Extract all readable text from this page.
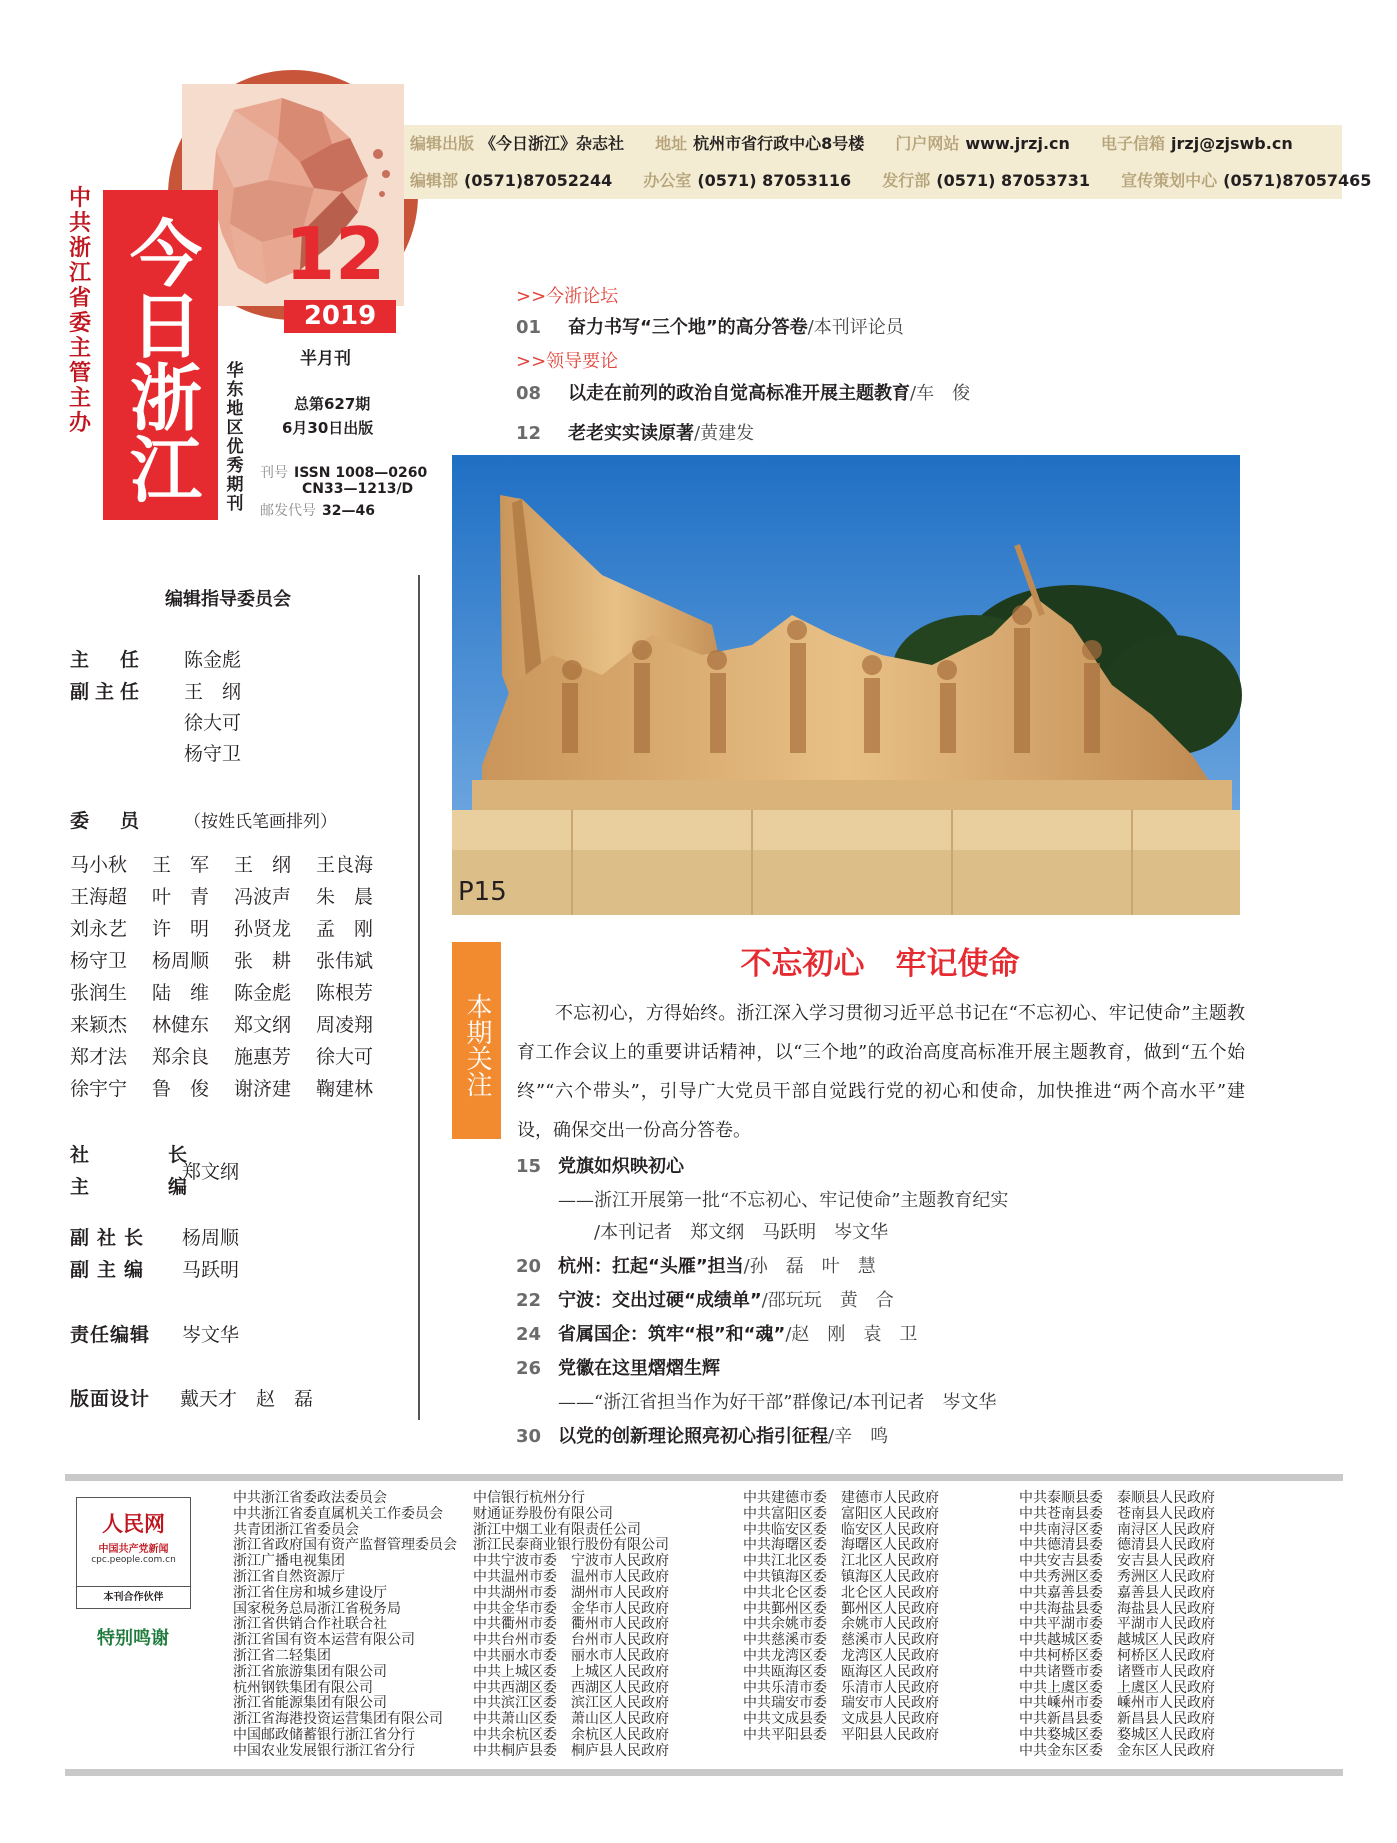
中共浙江省委主管主办 今日浙江 12
2019
半月刊
华东地区优秀期刊
总第627期
6月30日出版
刊号 ISSN 1008—0260
CN33—1213/D
邮发代号 32—46
编辑出版 《今日浙江》杂志社 地址 杭州市省行政中心8号楼 门户网站 www.jrzj.cn 电子信箱 jrzj@zjswb.cn
编辑部 (0571)87052244 办公室 (0571) 87053116 发行部 (0571) 87053731 宣传策划中心 (0571)87057465
>>今浙论坛
01 奋力书写“三个地”的高分答卷/本刊评论员
>>领导要论
08 以走在前列的政治自觉高标准开展主题教育/车　俊
12 老老实实读原著/黄建发
P15
本期关注
不忘初心　牢记使命
不忘初心，方得始终。浙江深入学习贯彻习近平总书记在“不忘初心、牢记使命”主题教育工作会议上的重要讲话精神，以“三个地”的政治高度高标准开展主题教育，做到“五个始终”“六个带头”，引导广大党员干部自觉践行党的初心和使命，加快推进“两个高水平”建设，确保交出一份高分答卷。
15 党旗如炽映初心
——浙江开展第一批“不忘初心、牢记使命”主题教育纪实
/本刊记者　郑文纲　马跃明　岑文华
20 杭州：扛起“头雁”担当/孙　磊　叶　慧
22 宁波：交出过硬“成绩单”/邵玩玩　黄　合
24 省属国企：筑牢“根”和“魂”/赵　刚　袁　卫
26 党徽在这里熠熠生辉
——“浙江省担当作为好干部”群像记/本刊记者　岑文华
30 以党的创新理论照亮初心指引征程/辛　鸣
编辑指导委员会
主　任 陈金彪
副主任 王　纲
徐大可
杨守卫
委　员 （按姓氏笔画排列）
马小秋	王　军	王　纲	王良海
王海超	叶　青	冯波声	朱　晨
刘永艺	许　明	孙贤龙	孟　刚
杨守卫	杨周顺	张　耕	张伟斌
张润生	陆　维	陈金彪	陈根芳
来颖杰	林健东	郑文纲	周凌翔
郑才法	郑余良	施惠芳	徐大可
徐宇宁	鲁　俊	谢济建	鞠建林
社　长
主　编
郑文纲
副社长 杨周顺
副主编 马跃明
责任编辑 岑文华
版面设计 戴天才　赵　磊
人民网
中国共产党新闻
cpc.people.com.cn
本刊合作伙伴
特别鸣谢
中共浙江省委政法委员会
中共浙江省委直属机关工作委员会
共青团浙江省委员会
浙江省政府国有资产监督管理委员会
浙江广播电视集团
浙江省自然资源厅
浙江省住房和城乡建设厅
国家税务总局浙江省税务局
浙江省供销合作社联合社
浙江省国有资本运营有限公司
浙江省二轻集团
浙江省旅游集团有限公司
杭州钢铁集团有限公司
浙江省能源集团有限公司
浙江省海港投资运营集团有限公司
中国邮政储蓄银行浙江省分行
中国农业发展银行浙江省分行
中信银行杭州分行
财通证券股份有限公司
浙江中烟工业有限责任公司
浙江民泰商业银行股份有限公司
中共宁波市委　宁波市人民政府
中共温州市委　温州市人民政府
中共湖州市委　湖州市人民政府
中共金华市委　金华市人民政府
中共衢州市委　衢州市人民政府
中共台州市委　台州市人民政府
中共丽水市委　丽水市人民政府
中共上城区委　上城区人民政府
中共西湖区委　西湖区人民政府
中共滨江区委　滨江区人民政府
中共萧山区委　萧山区人民政府
中共余杭区委　余杭区人民政府
中共桐庐县委　桐庐县人民政府
中共建德市委　建德市人民政府
中共富阳区委　富阳区人民政府
中共临安区委　临安区人民政府
中共海曙区委　海曙区人民政府
中共江北区委　江北区人民政府
中共镇海区委　镇海区人民政府
中共北仑区委　北仑区人民政府
中共鄞州区委　鄞州区人民政府
中共余姚市委　余姚市人民政府
中共慈溪市委　慈溪市人民政府
中共龙湾区委　龙湾区人民政府
中共瓯海区委　瓯海区人民政府
中共乐清市委　乐清市人民政府
中共瑞安市委　瑞安市人民政府
中共文成县委　文成县人民政府
中共平阳县委　平阳县人民政府
中共泰顺县委　泰顺县人民政府
中共苍南县委　苍南县人民政府
中共南浔区委　南浔区人民政府
中共德清县委　德清县人民政府
中共安吉县委　安吉县人民政府
中共秀洲区委　秀洲区人民政府
中共嘉善县委　嘉善县人民政府
中共海盐县委　海盐县人民政府
中共平湖市委　平湖市人民政府
中共越城区委　越城区人民政府
中共柯桥区委　柯桥区人民政府
中共诸暨市委　诸暨市人民政府
中共上虞区委　上虞区人民政府
中共嵊州市委　嵊州市人民政府
中共新昌县委　新昌县人民政府
中共婺城区委　婺城区人民政府
中共金东区委　金东区人民政府
